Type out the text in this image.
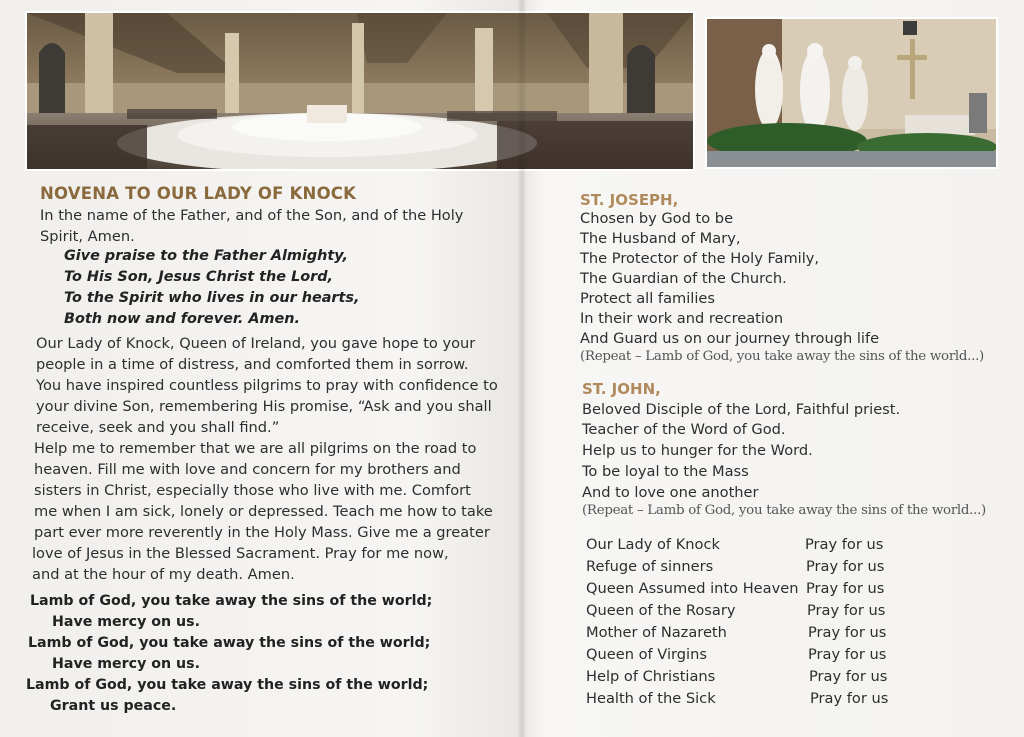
NOVENA TO OUR LADY OF KNOCK
In the name of the Father, and of the Son, and of the Holy
Spirit, Amen.
Give praise to the Father Almighty,
To His Son, Jesus Christ the Lord,
To the Spirit who lives in our hearts,
Both now and forever. Amen.
Our Lady of Knock, Queen of Ireland, you gave hope to your
people in a time of distress, and comforted them in sorrow.
You have inspired countless pilgrims to pray with confidence to
your divine Son, remembering His promise, “Ask and you shall
receive, seek and you shall find.”
Help me to remember that we are all pilgrims on the road to
heaven. Fill me with love and concern for my brothers and
sisters in Christ, especially those who live with me. Comfort
me when I am sick, lonely or depressed. Teach me how to take
part ever more reverently in the Holy Mass. Give me a greater
love of Jesus in the Blessed Sacrament. Pray for me now,
and at the hour of my death. Amen.
Lamb of God, you take away the sins of the world;
Have mercy on us.
Lamb of God, you take away the sins of the world;
Have mercy on us.
Lamb of God, you take away the sins of the world;
Grant us peace.
ST. JOSEPH,
Chosen by God to be
The Husband of Mary,
The Protector of the Holy Family,
The Guardian of the Church.
Protect all families
In their work and recreation
And Guard us on our journey through life
(Repeat – Lamb of God, you take away the sins of the world...)
ST. JOHN,
Beloved Disciple of the Lord, Faithful priest.
Teacher of the Word of God.
Help us to hunger for the Word.
To be loyal to the Mass
And to love one another
(Repeat – Lamb of God, you take away the sins of the world...)
Our Lady of Knock	Pray for us
Refuge of sinners	Pray for us
Queen Assumed into Heaven Pray for us
Queen of the Rosary	Pray for us
Mother of Nazareth	Pray for us
Queen of Virgins	Pray for us
Help of Christians	Pray for us
Health of the Sick	Pray for us
